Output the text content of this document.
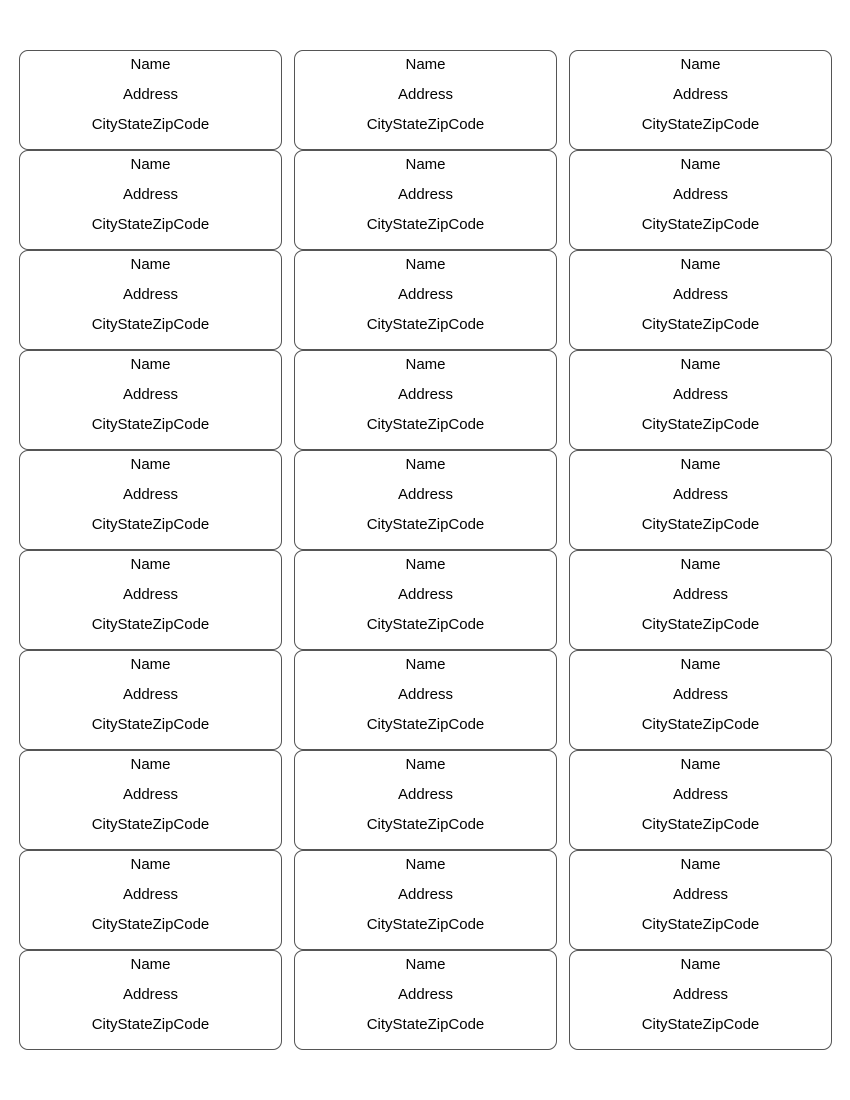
Name
Address
CityStateZipCode
Name
Address
CityStateZipCode
Name
Address
CityStateZipCode
Name
Address
CityStateZipCode
Name
Address
CityStateZipCode
Name
Address
CityStateZipCode
Name
Address
CityStateZipCode
Name
Address
CityStateZipCode
Name
Address
CityStateZipCode
Name
Address
CityStateZipCode
Name
Address
CityStateZipCode
Name
Address
CityStateZipCode
Name
Address
CityStateZipCode
Name
Address
CityStateZipCode
Name
Address
CityStateZipCode
Name
Address
CityStateZipCode
Name
Address
CityStateZipCode
Name
Address
CityStateZipCode
Name
Address
CityStateZipCode
Name
Address
CityStateZipCode
Name
Address
CityStateZipCode
Name
Address
CityStateZipCode
Name
Address
CityStateZipCode
Name
Address
CityStateZipCode
Name
Address
CityStateZipCode
Name
Address
CityStateZipCode
Name
Address
CityStateZipCode
Name
Address
CityStateZipCode
Name
Address
CityStateZipCode
Name
Address
CityStateZipCode
